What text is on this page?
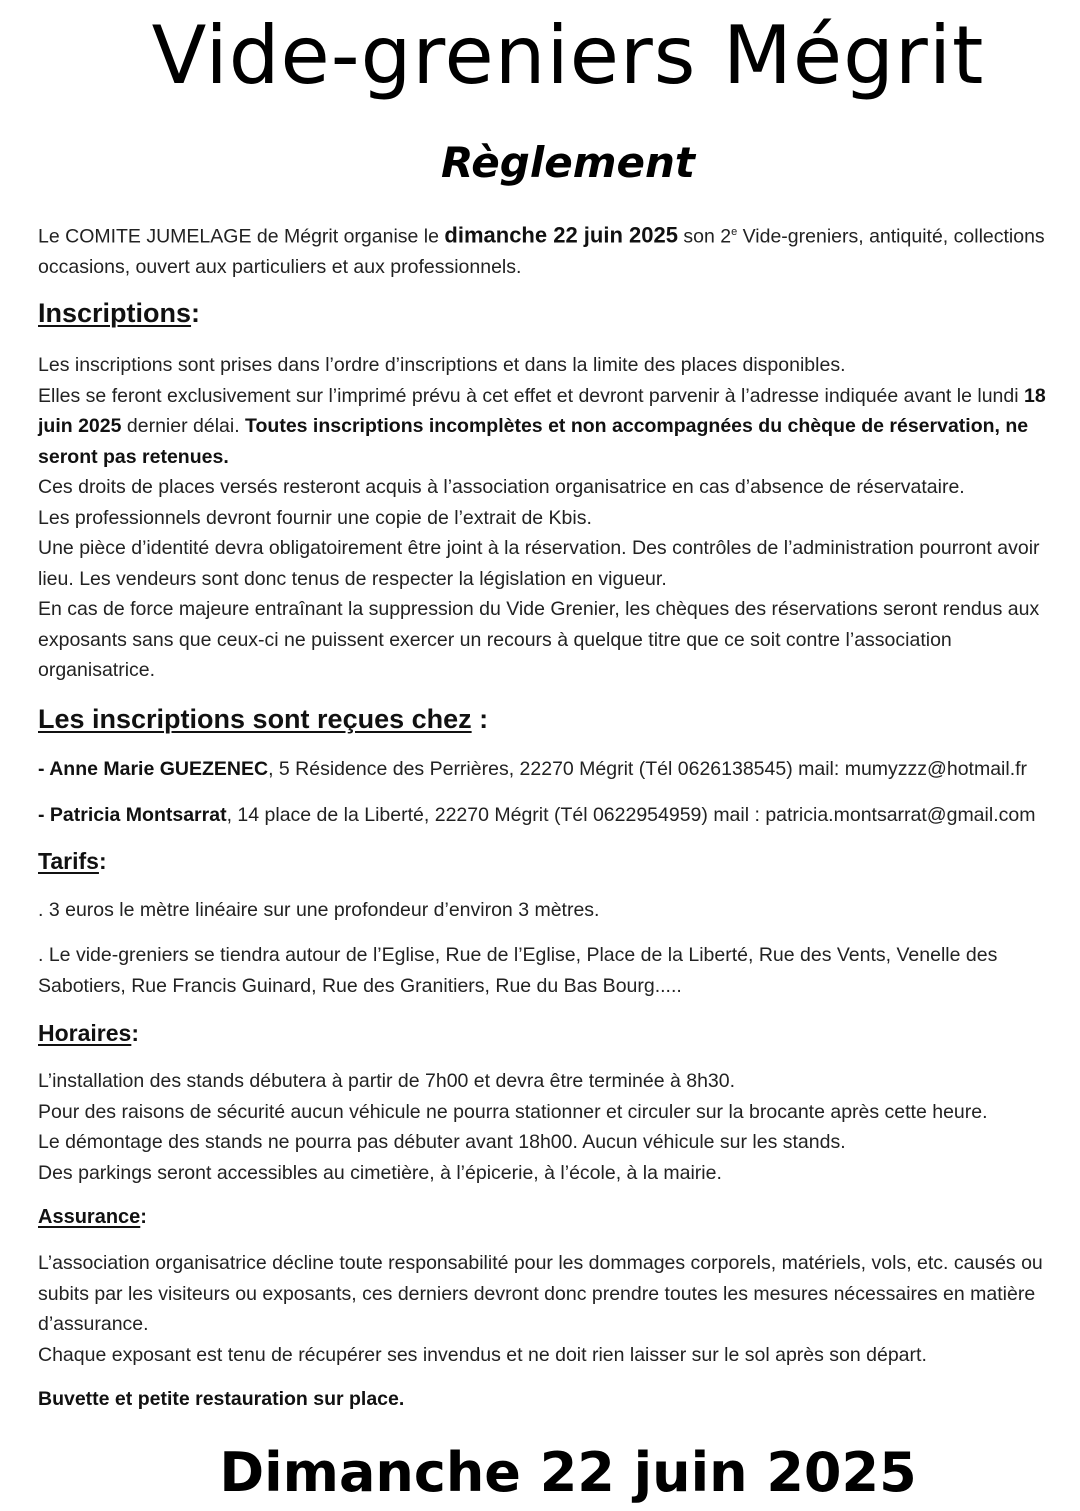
Vide-greniers Mégrit
Règlement
Le COMITE JUMELAGE de Mégrit organise le dimanche 22 juin 2025 son 2e Vide-greniers, antiquité, collections
occasions, ouvert aux particuliers et aux professionnels.
Inscriptions:
Les inscriptions sont prises dans l’ordre d’inscriptions et dans la limite des places disponibles.
Elles se feront exclusivement sur l’imprimé prévu à cet effet et devront parvenir à l’adresse indiquée avant le lundi 18
juin 2025 dernier délai. Toutes inscriptions incomplètes et non accompagnées du chèque de réservation, ne
seront pas retenues.
Ces droits de places versés resteront acquis à l’association organisatrice en cas d’absence de réservataire.
Les professionnels devront fournir une copie de l’extrait de Kbis.
Une pièce d’identité devra obligatoirement être joint à la réservation. Des contrôles de l’administration pourront avoir
lieu. Les vendeurs sont donc tenus de respecter la législation en vigueur.
En cas de force majeure entraînant la suppression du Vide Grenier, les chèques des réservations seront rendus aux
exposants sans que ceux-ci ne puissent exercer un recours à quelque titre que ce soit contre l’association
organisatrice.
Les inscriptions sont reçues chez :
- Anne Marie GUEZENEC, 5 Résidence des Perrières, 22270 Mégrit (Tél 0626138545) mail: mumyzzz@hotmail.fr
- Patricia Montsarrat, 14 place de la Liberté, 22270 Mégrit (Tél 0622954959) mail : patricia.montsarrat@gmail.com
Tarifs:
. 3 euros le mètre linéaire sur une profondeur d’environ 3 mètres.
. Le vide-greniers se tiendra autour de l’Eglise, Rue de l’Eglise, Place de la Liberté, Rue des Vents, Venelle des
Sabotiers, Rue Francis Guinard, Rue des Granitiers, Rue du Bas Bourg.....
Horaires:
L’installation des stands débutera à partir de 7h00 et devra être terminée à 8h30.
Pour des raisons de sécurité aucun véhicule ne pourra stationner et circuler sur la brocante après cette heure.
Le démontage des stands ne pourra pas débuter avant 18h00. Aucun véhicule sur les stands.
Des parkings seront accessibles au cimetière, à l’épicerie, à l’école, à la mairie.
Assurance:
L’association organisatrice décline toute responsabilité pour les dommages corporels, matériels, vols, etc. causés ou
subits par les visiteurs ou exposants, ces derniers devront donc prendre toutes les mesures nécessaires en matière
d’assurance.
Chaque exposant est tenu de récupérer ses invendus et ne doit rien laisser sur le sol après son départ.
Buvette et petite restauration sur place.
Dimanche 22 juin 2025
